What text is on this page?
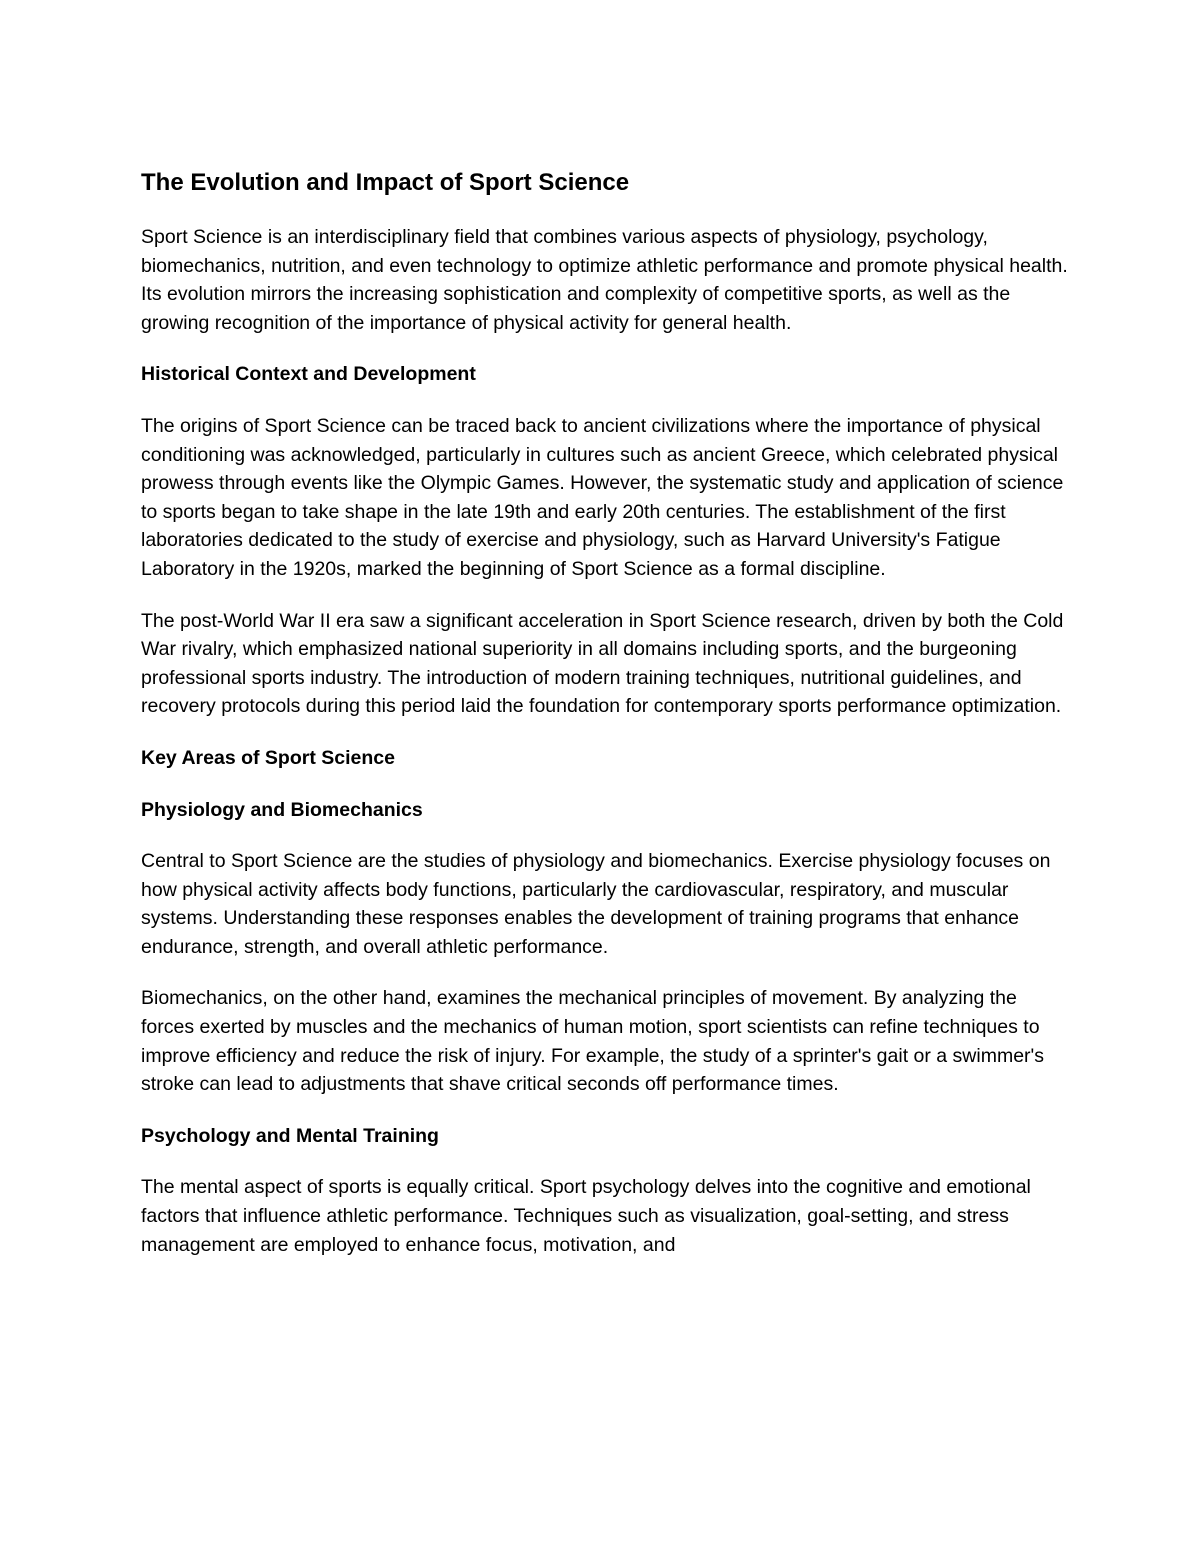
The Evolution and Impact of Sport Science

Sport Science is an interdisciplinary field that combines various aspects of physiology, psychology, biomechanics, nutrition, and even technology to optimize athletic performance and promote physical health. Its evolution mirrors the increasing sophistication and complexity of competitive sports, as well as the growing recognition of the importance of physical activity for general health.

Historical Context and Development

The origins of Sport Science can be traced back to ancient civilizations where the importance of physical conditioning was acknowledged, particularly in cultures such as ancient Greece, which celebrated physical prowess through events like the Olympic Games. However, the systematic study and application of science to sports began to take shape in the late 19th and early 20th centuries. The establishment of the first laboratories dedicated to the study of exercise and physiology, such as Harvard University's Fatigue Laboratory in the 1920s, marked the beginning of Sport Science as a formal discipline.

The post-World War II era saw a significant acceleration in Sport Science research, driven by both the Cold War rivalry, which emphasized national superiority in all domains including sports, and the burgeoning professional sports industry. The introduction of modern training techniques, nutritional guidelines, and recovery protocols during this period laid the foundation for contemporary sports performance optimization.

Key Areas of Sport Science
Physiology and Biomechanics

Central to Sport Science are the studies of physiology and biomechanics. Exercise physiology focuses on how physical activity affects body functions, particularly the cardiovascular, respiratory, and muscular systems. Understanding these responses enables the development of training programs that enhance endurance, strength, and overall athletic performance.

Biomechanics, on the other hand, examines the mechanical principles of movement. By analyzing the forces exerted by muscles and the mechanics of human motion, sport scientists can refine techniques to improve efficiency and reduce the risk of injury. For example, the study of a sprinter's gait or a swimmer's stroke can lead to adjustments that shave critical seconds off performance times.

Psychology and Mental Training

The mental aspect of sports is equally critical. Sport psychology delves into the cognitive and emotional factors that influence athletic performance. Techniques such as visualization, goal-setting, and stress management are employed to enhance focus, motivation, and
